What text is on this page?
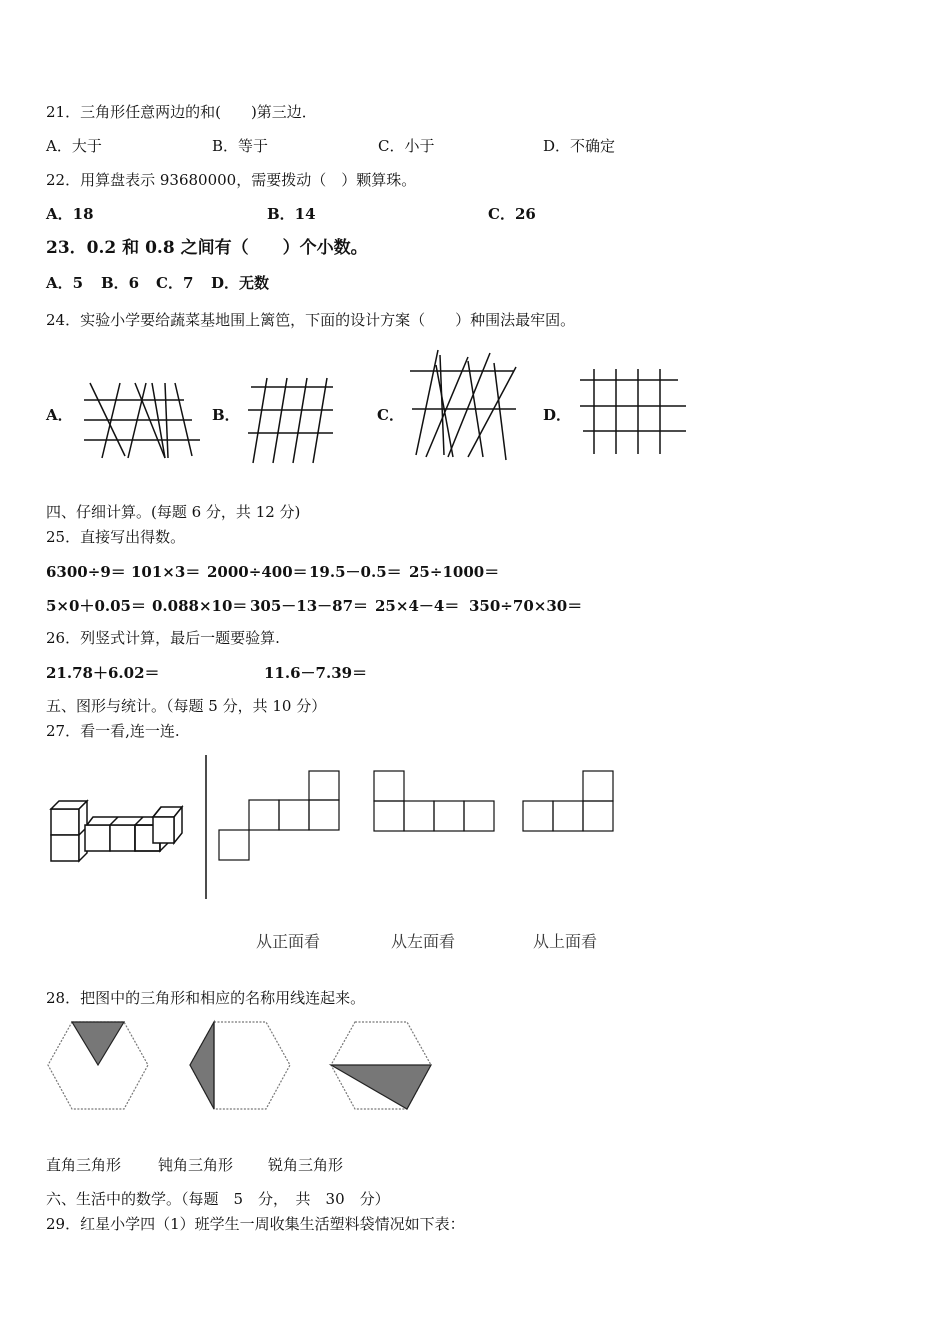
21．三角形任意两边的和(　　)第三边．
A．大于	B．等于	C．小于	D．不确定
22．用算盘表示 93680000，需要拨动（　）颗算珠。
A．18	B．14	C．26
23．0.2 和 0.8 之间有（　　）个小数。
A．5 B．6 C．7 D．无数
24．实验小学要给蔬菜基地围上篱笆，下面的设计方案（　　）种围法最牢固。
A．	B．	C．	D．
四、仔细计算。(每题 6 分，共 12 分)
25．直接写出得数。
6300÷9＝ 101×3＝ 2000÷400＝ 19.5－0.5＝ 25÷1000＝
5×0＋0.05＝ 0.088×10＝ 305－13－87＝ 25×4－4＝ 350÷70×30＝
26．列竖式计算，最后一题要验算.
21.78＋6.02＝	11.6－7.39＝
五、图形与统计。（每题 5 分，共 10 分）
27．看一看,连一连.
从正面看	从左面看	从上面看
28．把图中的三角形和相应的名称用线连起来。
直角三角形 钝角三角形 锐角三角形
六、生活中的数学。（每题　5　分，　共　30　分）
29．红星小学四（1）班学生一周收集生活塑料袋情况如下表：
